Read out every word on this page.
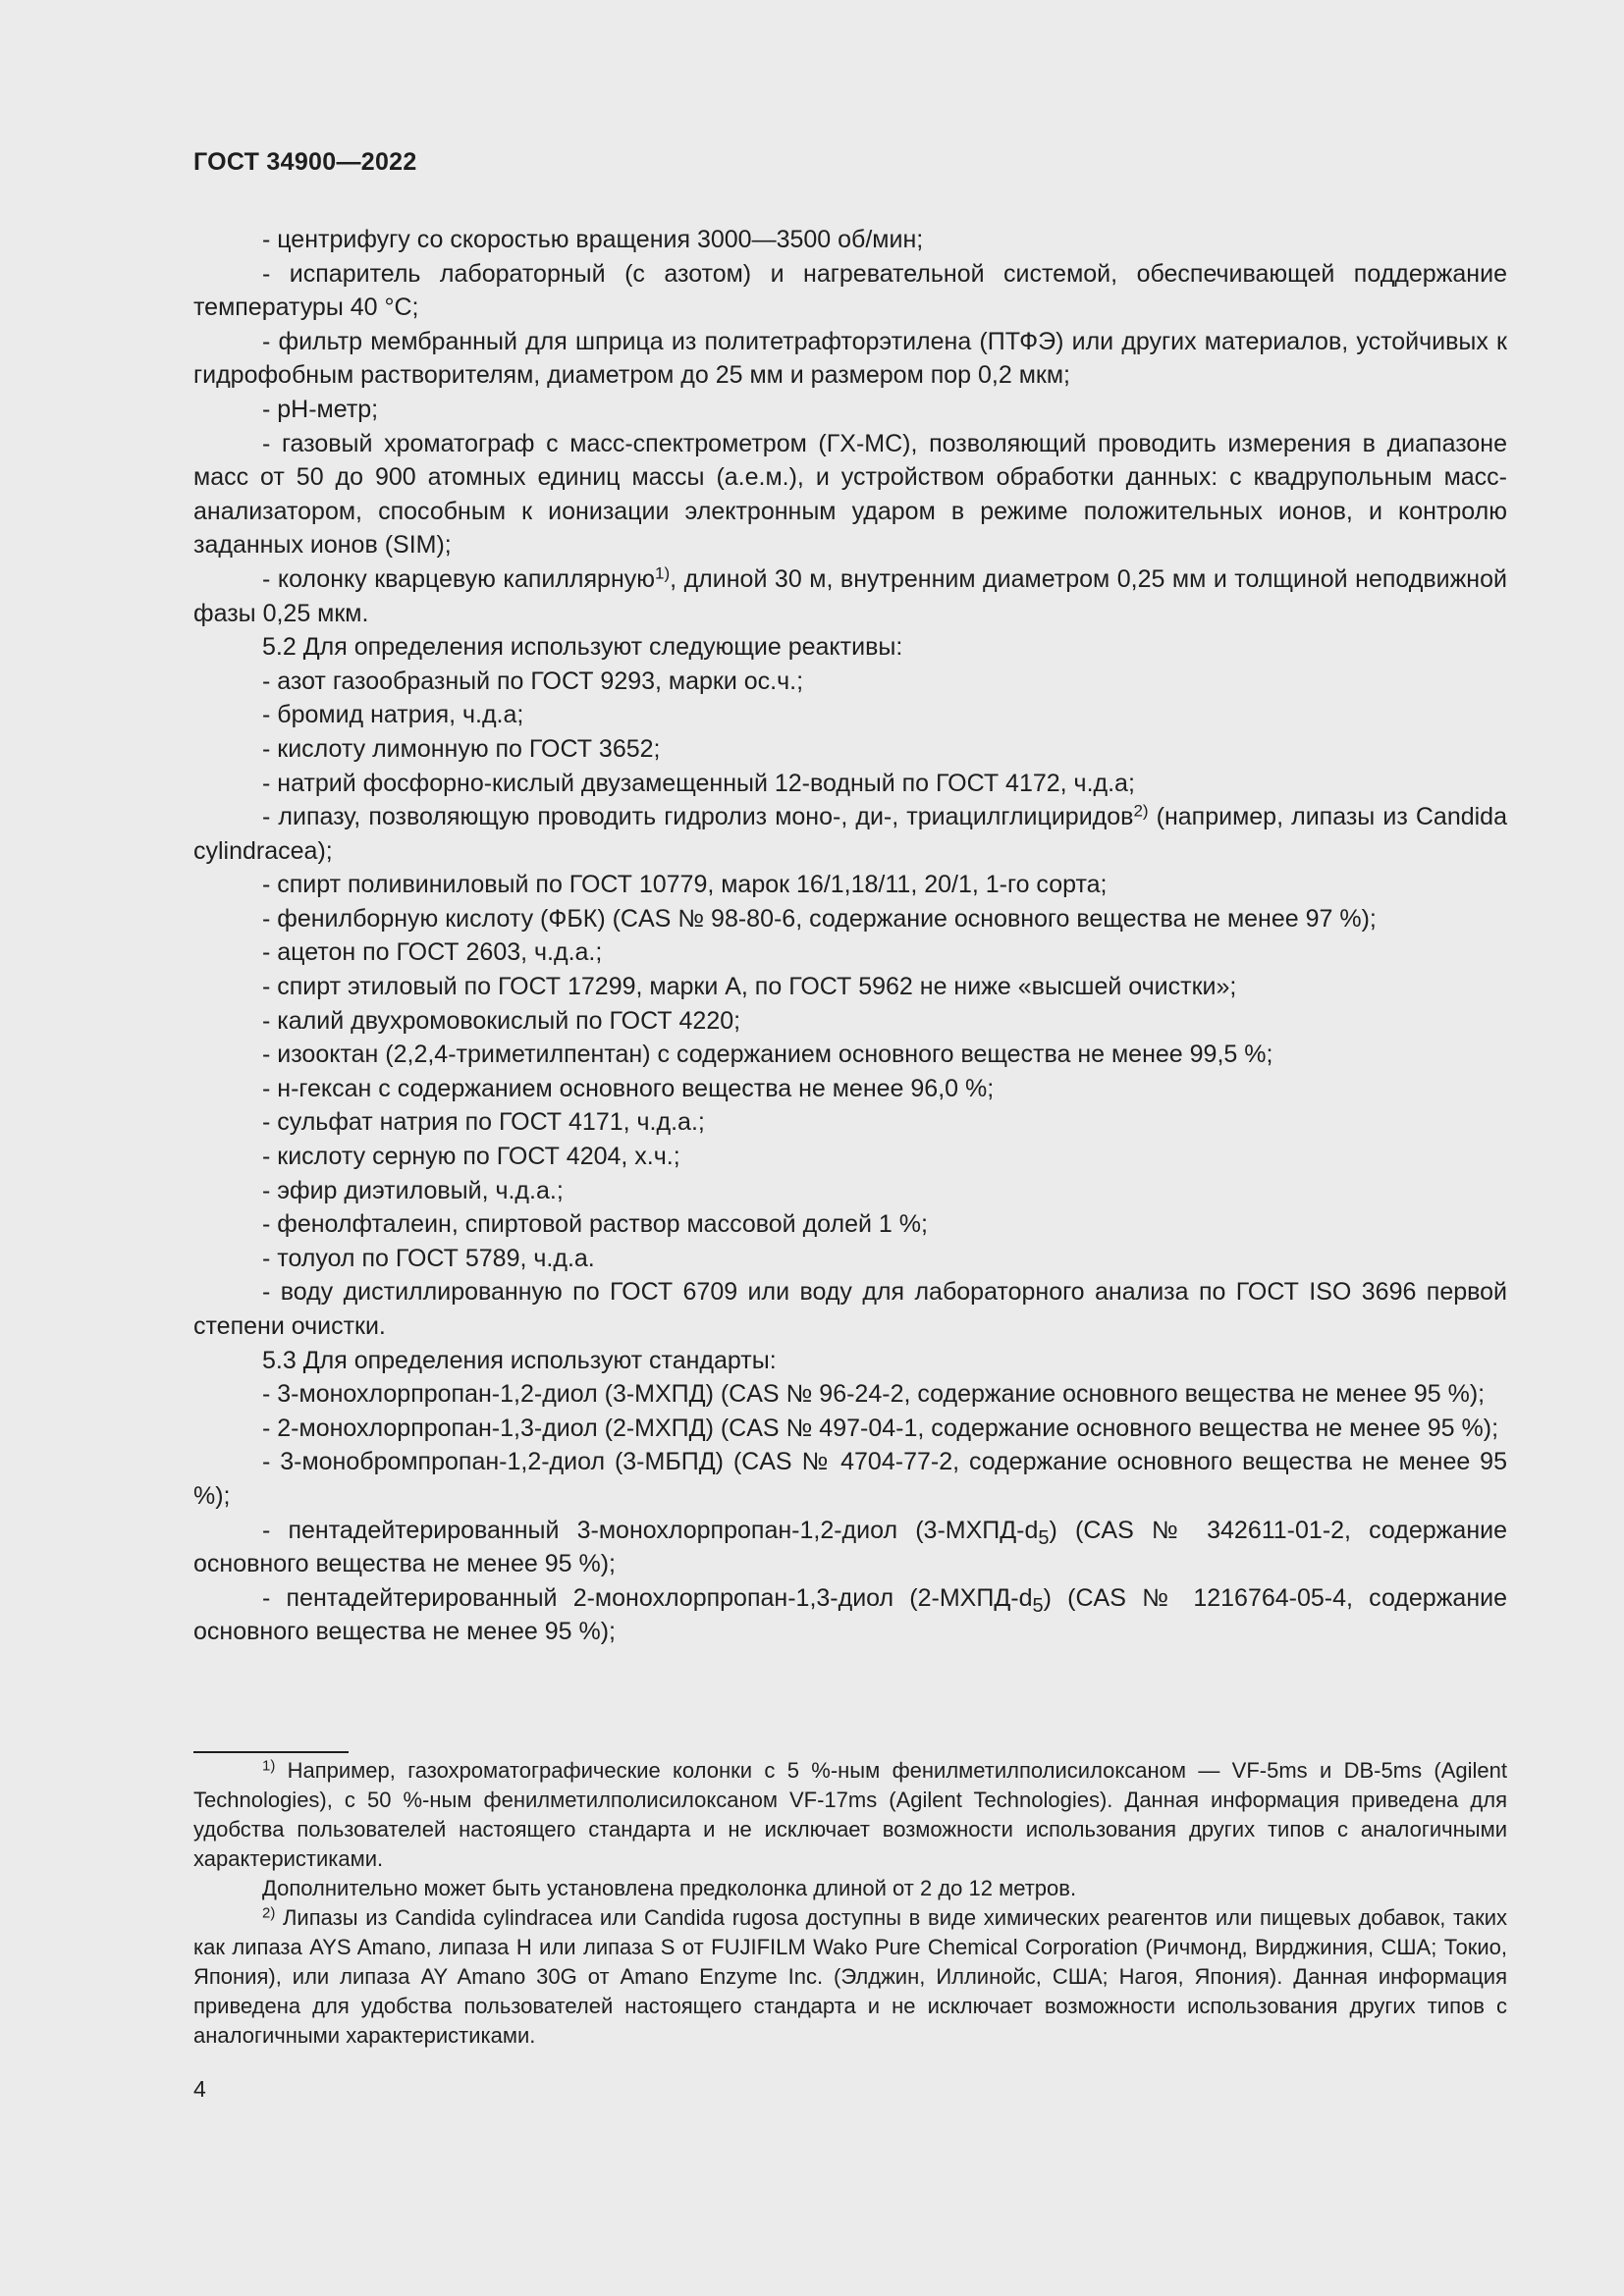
ГОСТ 34900—2022

- центрифугу со скоростью вращения 3000—3500 об/мин;

- испаритель лабораторный (с азотом) и нагревательной системой, обеспечивающей поддержание температуры 40 °С;

- фильтр мембранный для шприца из политетрафторэтилена (ПТФЭ) или других материалов, устойчивых к гидрофобным растворителям, диаметром до 25 мм и размером пор 0,2 мкм;

- pH-метр;

- газовый хроматограф с масс-спектрометром (ГХ-МС), позволяющий проводить измерения в диапазоне масс от 50 до 900 атомных единиц массы (а.е.м.), и устройством обработки данных: с квадрупольным масс-анализатором, способным к ионизации электронным ударом в режиме положительных ионов, и контролю заданных ионов (SIM);

- колонку кварцевую капиллярную$^{1)}$, длиной 30 м, внутренним диаметром 0,25 мм и толщиной неподвижной фазы 0,25 мкм.

5.2 Для определения используют следующие реактивы:

- азот газообразный по ГОСТ 9293, марки ос.ч.;

- бромид натрия, ч.д.а;

- кислоту лимонную по ГОСТ 3652;

- натрий фосфорно-кислый двузамещенный 12-водный по ГОСТ 4172, ч.д.а;

- липазу, позволяющую проводить гидролиз моно-, ди-, триацилглициридов$^{2)}$ (например, липазы из Candida cylindracea);

- спирт поливиниловый по ГОСТ 10779, марок 16/1,18/11, 20/1, 1-го сорта;

- фенилборную кислоту (ФБК) (CAS № 98-80-6, содержание основного вещества не менее 97 %);

- ацетон по ГОСТ 2603, ч.д.а.;

- спирт этиловый по ГОСТ 17299, марки А, по ГОСТ 5962 не ниже «высшей очистки»;

- калий двухромовокислый по ГОСТ 4220;

- изооктан (2,2,4-триметилпентан) с содержанием основного вещества не менее 99,5 %;

- н-гексан с содержанием основного вещества не менее 96,0 %;

- сульфат натрия по ГОСТ 4171, ч.д.а.;

- кислоту серную по ГОСТ 4204, х.ч.;

- эфир диэтиловый, ч.д.а.;

- фенолфталеин, спиртовой раствор массовой долей 1 %;

- толуол по ГОСТ 5789, ч.д.а.

- воду дистиллированную по ГОСТ 6709 или воду для лабораторного анализа по ГОСТ ISO 3696 первой степени очистки.

5.3 Для определения используют стандарты:

- 3-монохлорпропан-1,2-диол (3-МХПД) (CAS № 96-24-2, содержание основного вещества не менее 95 %);

- 2-монохлорпропан-1,3-диол (2-МХПД) (CAS № 497-04-1, содержание основного вещества не менее 95 %);

- 3-монобромпропан-1,2-диол (3-МБПД) (CAS № 4704-77-2, содержание основного вещества не менее 95 %);

- пентадейтерированный 3-монохлорпропан-1,2-диол $(3-МХПД-d_5)$ (CAS № 342611-01-2, содержание основного вещества не менее 95 %);

- пентадейтерированный 2-монохлорпропан-1,3-диол $(2-МХПД-d_5)$ (CAS № 1216764-05-4, содержание основного вещества не менее 95 %);

$^{1)}$ Например, газохроматографические колонки с 5 %-ным фенилметилполисилоксаном — VF-5ms и DB-5ms (Agilent Technologies), с 50 %-ным фенилметилполисилоксаном VF-17ms (Agilent Technologies). Данная информация приведена для удобства пользователей настоящего стандарта и не исключает возможности использования других типов с аналогичными характеристиками.

Дополнительно может быть установлена предколонка длиной от 2 до 12 метров.

$^{2)}$ Липазы из Candida cylindracea или Candida rugosa доступны в виде химических реагентов или пищевых добавок, таких как липаза AYS Amano, липаза H или липаза S от FUJIFILM Wako Pure Chemical Corporation (Ричмонд, Вирджиния, США; Токио, Япония), или липаза AY Amano 30G от Amano Enzyme Inc. (Элджин, Иллинойс, США; Нагоя, Япония). Данная информация приведена для удобства пользователей настоящего стандарта и не исключает возможности использования других типов с аналогичными характеристиками.

4
